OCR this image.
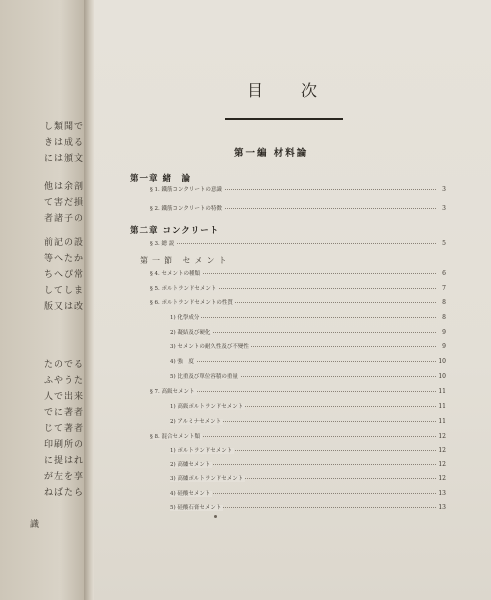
目次
第一編 材料論
第一章 緒　論
§ 1. 鐵筋コンクリートの意識	3
§ 2. 鐵筋コンクリートの特徴	3
第二章 コンクリート
§ 3. 總 説	5
第一節 セメント
§ 4. セメントの種類	6
§ 5. ポルトランドセメント	7
§ 6. ポルトランドセメントの性質	8
1) 化學成分	8
2) 凝結及び硬化	9
3) セメントの耐久性及び不變性	9
4) 強　度	10
5) 比重及び單位容積の重量	10
§ 7. 高級セメント	11
1) 高級ポルトランドセメント	11
2) アルミナセメント	11
§ 8. 混合セメント類	12
1) ポルトランドセメント	12
2) 高爐セメント	12
3) 高爐ポルトランドセメント	12
4) 硅酸セメント	13
5) 硅酸石膏セメント	13
識
し類聞で
きは成る
には頒文
他は余剖
て害だ損
者諸子の
前記の設
等へたか
ちへぴ常
してしま
版又は改
たのでる
ふやうた
人で出来
でに著者
じて著者
印刷所の
に提はれ
が左を享
ねばたら
